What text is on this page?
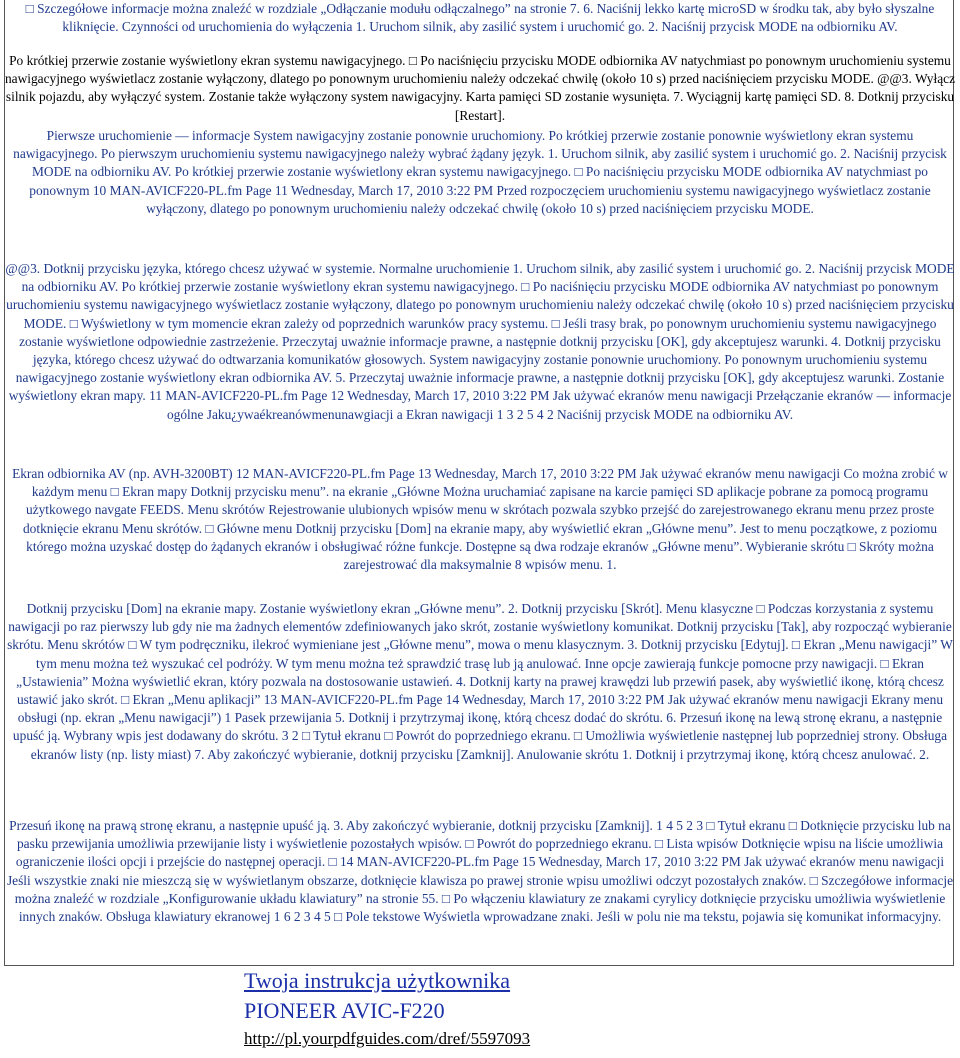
□ Szczegółowe informacje można znaleźć w rozdziale „Odłączanie modułu odłączalnego” na stronie 7. 6. Naciśnij lekko kartę microSD w środku tak, aby było słyszalne kliknięcie. Czynności od uruchomienia do wyłączenia 1. Uruchom silnik, aby zasilić system i uruchomić go. 2. Naciśnij przycisk MODE na odbiorniku AV.

Po krótkiej przerwie zostanie wyświetlony ekran systemu nawigacyjnego. □ Po naciśnięciu przycisku MODE odbiornika AV natychmiast po ponownym uruchomieniu systemu nawigacyjnego wyświetlacz zostanie wyłączony, dlatego po ponownym uruchomieniu należy odczekać chwilę (około 10 s) przed naciśnięciem przycisku MODE. @@3. Wyłącz silnik pojazdu, aby wyłączyć system. Zostanie także wyłączony system nawigacyjny. Karta pamięci SD zostanie wysunięta. 7. Wyciągnij kartę pamięci SD. 8. Dotknij przycisku [Restart].

Pierwsze uruchomienie — informacje System nawigacyjny zostanie ponownie uruchomiony. Po krótkiej przerwie zostanie ponownie wyświetlony ekran systemu nawigacyjnego. Po pierwszym uruchomieniu systemu nawigacyjnego należy wybrać żądany język. 1. Uruchom silnik, aby zasilić system i uruchomić go. 2. Naciśnij przycisk MODE na odbiorniku AV. Po krótkiej przerwie zostanie wyświetlony ekran systemu nawigacyjnego. □ Po naciśnięciu przycisku MODE odbiornika AV natychmiast po ponownym 10 MAN-AVICF220-PL.fm Page 11 Wednesday, March 17, 2010 3:22 PM Przed rozpoczęciem uruchomieniu systemu nawigacyjnego wyświetlacz zostanie wyłączony, dlatego po ponownym uruchomieniu należy odczekać chwilę (około 10 s) przed naciśnięciem przycisku MODE.

@@3. Dotknij przycisku języka, którego chcesz używać w systemie. Normalne uruchomienie 1. Uruchom silnik, aby zasilić system i uruchomić go. 2. Naciśnij przycisk MODE na odbiorniku AV. Po krótkiej przerwie zostanie wyświetlony ekran systemu nawigacyjnego. □ Po naciśnięciu przycisku MODE odbiornika AV natychmiast po ponownym uruchomieniu systemu nawigacyjnego wyświetlacz zostanie wyłączony, dlatego po ponownym uruchomieniu należy odczekać chwilę (około 10 s) przed naciśnięciem przycisku MODE. □ Wyświetlony w tym momencie ekran zależy od poprzednich warunków pracy systemu. □ Jeśli trasy brak, po ponownym uruchomieniu systemu nawigacyjnego zostanie wyświetlone odpowiednie zastrzeżenie. Przeczytaj uważnie informacje prawne, a następnie dotknij przycisku [OK], gdy akceptujesz warunki. 4. Dotknij przycisku języka, którego chcesz używać do odtwarzania komunikatów głosowych. System nawigacyjny zostanie ponownie uruchomiony. Po ponownym uruchomieniu systemu nawigacyjnego zostanie wyświetlony ekran odbiornika AV. 5. Przeczytaj uważnie informacje prawne, a następnie dotknij przycisku [OK], gdy akceptujesz warunki. Zostanie wyświetlony ekran mapy. 11 MAN-AVICF220-PL.fm Page 12 Wednesday, March 17, 2010 3:22 PM Jak używać ekranów menu nawigacji Przełączanie ekranów — informacje ogólne Jaku¿ywaékreanówmenunawgiacji a Ekran nawigacji 1 3 2 5 4 2 Naciśnij przycisk MODE na odbiorniku AV.

Ekran odbiornika AV (np. AVH-3200BT) 12 MAN-AVICF220-PL.fm Page 13 Wednesday, March 17, 2010 3:22 PM Jak używać ekranów menu nawigacji Co można zrobić w każdym menu □ Ekran mapy Dotknij przycisku menu”. na ekranie „Główne Można uruchamiać zapisane na karcie pamięci SD aplikacje pobrane za pomocą programu użytkowego navgate FEEDS. Menu skrótów Rejestrowanie ulubionych wpisów menu w skrótach pozwala szybko przejść do zarejestrowanego ekranu menu przez proste dotknięcie ekranu Menu skrótów. □ Główne menu Dotknij przycisku [Dom] na ekranie mapy, aby wyświetlić ekran „Główne menu”. Jest to menu początkowe, z poziomu którego można uzyskać dostęp do żądanych ekranów i obsługiwać różne funkcje. Dostępne są dwa rodzaje ekranów „Główne menu”. Wybieranie skrótu □ Skróty można zarejestrować dla maksymalnie 8 wpisów menu. 1.

Dotknij przycisku [Dom] na ekranie mapy. Zostanie wyświetlony ekran „Główne menu”. 2. Dotknij przycisku [Skrót]. Menu klasyczne □ Podczas korzystania z systemu nawigacji po raz pierwszy lub gdy nie ma żadnych elementów zdefiniowanych jako skrót, zostanie wyświetlony komunikat. Dotknij przycisku [Tak], aby rozpocząć wybieranie skrótu. Menu skrótów □ W tym podręczniku, ilekroć wymieniane jest „Główne menu”, mowa o menu klasycznym. 3. Dotknij przycisku [Edytuj]. □ Ekran „Menu nawigacji” W tym menu można też wyszukać cel podróży. W tym menu można też sprawdzić trasę lub ją anulować. Inne opcje zawierają funkcje pomocne przy nawigacji. □ Ekran „Ustawienia” Można wyświetlić ekran, który pozwala na dostosowanie ustawień. 4. Dotknij karty na prawej krawędzi lub przewiń pasek, aby wyświetlić ikonę, którą chcesz ustawić jako skrót. □ Ekran „Menu aplikacji” 13 MAN-AVICF220-PL.fm Page 14 Wednesday, March 17, 2010 3:22 PM Jak używać ekranów menu nawigacji Ekrany menu obsługi (np. ekran „Menu nawigacji”) 1 Pasek przewijania 5. Dotknij i przytrzymaj ikonę, którą chcesz dodać do skrótu. 6. Przesuń ikonę na lewą stronę ekranu, a następnie upuść ją. Wybrany wpis jest dodawany do skrótu. 3 2 □ Tytuł ekranu □ Powrót do poprzedniego ekranu. □ Umożliwia wyświetlenie następnej lub poprzedniej strony. Obsługa ekranów listy (np. listy miast) 7. Aby zakończyć wybieranie, dotknij przycisku [Zamknij]. Anulowanie skrótu 1. Dotknij i przytrzymaj ikonę, którą chcesz anulować. 2.

Przesuń ikonę na prawą stronę ekranu, a następnie upuść ją. 3. Aby zakończyć wybieranie, dotknij przycisku [Zamknij]. 1 4 5 2 3 □ Tytuł ekranu □ Dotknięcie przycisku lub na pasku przewijania umożliwia przewijanie listy i wyświetlenie pozostałych wpisów. □ Powrót do poprzedniego ekranu. □ Lista wpisów Dotknięcie wpisu na liście umożliwia ograniczenie ilości opcji i przejście do następnej operacji. □ 14 MAN-AVICF220-PL.fm Page 15 Wednesday, March 17, 2010 3:22 PM Jak używać ekranów menu nawigacji Jeśli wszystkie znaki nie mieszczą się w wyświetlanym obszarze, dotknięcie klawisza po prawej stronie wpisu umożliwi odczyt pozostałych znaków. □ Szczegółowe informacje można znaleźć w rozdziale „Konfigurowanie układu klawiatury” na stronie 55. □ Po włączeniu klawiatury ze znakami cyrylicy dotknięcie przycisku umożliwia wyświetlenie innych znaków. Obsługa klawiatury ekranowej 1 6 2 3 4 5 □ Pole tekstowe Wyświetla wprowadzane znaki. Jeśli w polu nie ma tekstu, pojawia się komunikat informacyjny.

Twoja instrukcja użytkownika
PIONEER AVIC-F220
http://pl.yourpdfguides.com/dref/5597093
